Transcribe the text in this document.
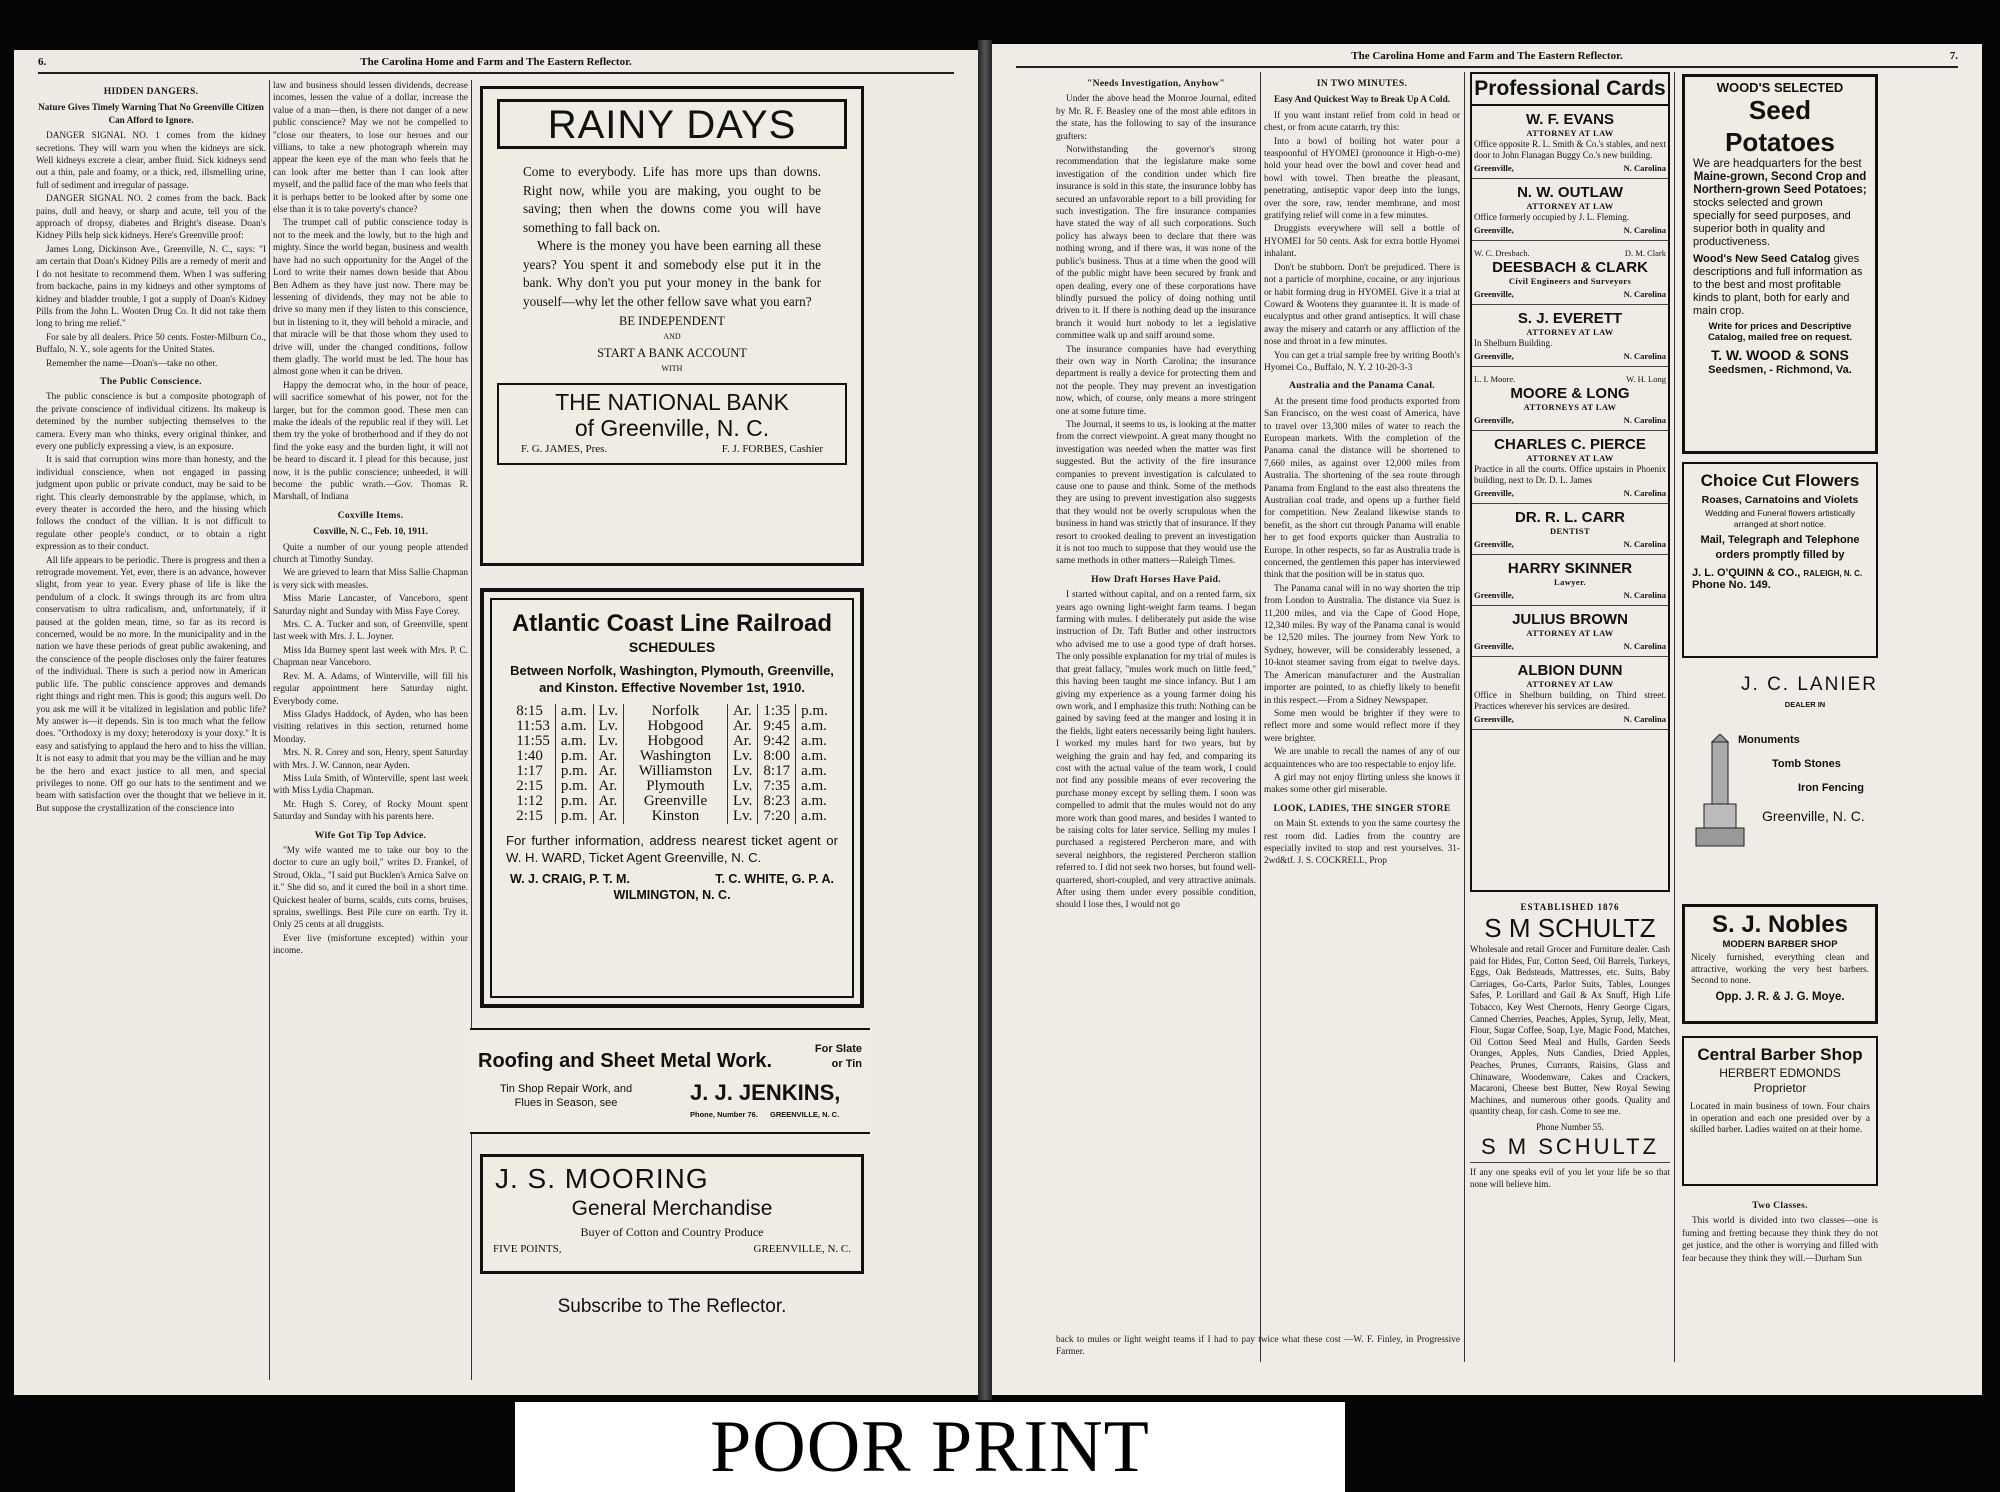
6.	The Carolina Home and Farm and The Eastern Reflector.
HIDDEN DANGERS.
Nature Gives Timely Warning That No Greenville Citizen Can Afford to Ignore.

DANGER SIGNAL NO. 1 comes from the kidney secretions. They will warn you when the kidneys are sick. Well kidneys excrete a clear, amber fluid. Sick kidneys send out a thin, pale and foamy, or a thick, red, illsmelling urine, full of sediment and irregular of passage.

DANGER SIGNAL NO. 2 comes from the back. Back pains, dull and heavy, or sharp and acute, tell you of the approach of dropsy, diabetes and Bright's disease. Doan's Kidney Pills help sick kidneys. Here's Greenville proof:

James Long, Dickinson Ave., Greenville, N. C., says: "I am certain that Doan's Kidney Pills are a remedy of merit and I do not hesitate to recommend them. When I was suffering from backache, pains in my kidneys and other symptoms of kidney and bladder trouble, I got a supply of Doan's Kidney Pills from the John L. Wooten Drug Co. It did not take them long to bring me relief."

For sale by all dealers. Price 50 cents. Foster-Milburn Co., Buffalo, N. Y., sole agents for the United States.

Remember the name—Doan's—take no other.

The Public Conscience.

The public conscience is but a composite photograph of the private conscience of individual citizens. Its makeup is detemined by the number subjecting themselves to the camera. Every man who thinks, every original thinker, and every one publicly expressing a view, is an exposure.

It is said that corruption wins more than honesty, and the individual conscience, when not engaged in passing judgment upon public or private conduct, may be said to be right. This clearly demonstrable by the applause, which, in every theater is accorded the hero, and the hissing which follows the conduct of the villian. It is not difficult to regulate other people's conduct, or to obtain a right expression as to their conduct.

All life appears to be periodic. There is progress and then a retrograde movement. Yet, ever, there is an advance, however slight, from year to year. Every phase of life is like the pendulum of a clock. It swings through its arc from ultra conservatism to ultra radicalism, and, unfortunately, if it paused at the golden mean, time, so far as its record is concerned, would be no more. In the municipality and in the nation we have these periods of great public awakening, and the conscience of the people discloses only the fairer features of the individual. There is such a period now in American public life. The public conscience approves and demands right things and right men. This is good; this augurs well. Do you ask me will it be vitalized in legislation and public life? My answer is—it depends. Sin is too much what the fellow does. "Orthodoxy is my doxy; heterodoxy is your doxy." It is easy and satisfying to applaud the hero and to hiss the villian. It is not easy to admit that you may be the villian and he may be the hero and exact justice to all men, and special privileges to none. Off go our hats to the sentiment and we beam with satisfaction over the thought that we believe in it. But suppose the crystallization of the conscience into

law and business should lessen dividends, decrease incomes, lessen the value of a dollar, increase the value of a man—then, is there not danger of a new public conscience? May we not be compelled to "close our theaters, to lose our heroes and our villians, to take a new photograph wherein may appear the keen eye of the man who feels that he can look after me better than I can look after myself, and the pallid face of the man who feels that it is perhaps better to be looked after by some one else than it is to take poverty's chance?

The trumpet call of public conscience today is not to the meek and the lowly, but to the high and mighty. Since the world began, business and wealth have had no such opportunity for the Angel of the Lord to write their names down beside that Abou Ben Adhem as they have just now. There may be lessening of dividends, they may not be able to drive so many men if they listen to this conscience, but in listening to it, they will behold a miracle, and that miracle will be that those whom they used to drive will, under the changed conditions, follow them gladly. The world must be led. The hour has almost gone when it can be driven.

Happy the democrat who, in the hour of peace, will sacrifice somewhat of his power, not for the larger, but for the common good. These men can make the ideals of the republic real if they will. Let them try the yoke of brotherhood and if they do not find the yoke easy and the burden light, it will not be heard to discard it. I plead for this because, just now, it is the public conscience; unheeded, it will become the public wrath.—Gov. Thomas R. Marshall, of Indiana

Coxville Items.
Coxville, N. C., Feb. 10, 1911.

Quite a number of our young people attended church at Timothy Sunday.

We are grieved to learn that Miss Sallie Chapman is very sick with measles.

Miss Marie Lancaster, of Vanceboro, spent Saturday night and Sunday with Miss Faye Corey.

Mrs. C. A. Tucker and son, of Greenville, spent last week with Mrs. J. L. Joyner.

Miss Ida Burney spent last week with Mrs. P. C. Chapman near Vanceboro.

Rev. M. A. Adams, of Winterville, will fill his regular appointment here Saturday night. Everybody come.

Miss Gladys Haddock, of Ayden, who has been visiting relatives in this section, returned home Monday.

Mrs. N. R. Corey and son, Henry, spent Saturday with Mrs. J. W. Cannon, near Ayden.

Miss Lula Smith, of Winterville, spent last week with Miss Lydia Chapman.

Mr. Hugh S. Corey, of Rocky Mount spent Saturday and Sunday with his parents here.

Wife Got Tip Top Advice.

"My wife wanted me to take our boy to the doctor to cure an ugly boil," writes D. Frankel, of Stroud, Okla., "I said put Bucklen's Arnica Salve on it." She did so, and it cured the boil in a short time. Quickest healer of burns, scalds, cuts corns, bruises, sprains, swellings. Best Pile cure on earth. Try it. Only 25 cents at all druggists.

Ever live (misfortune excepted) within your income.

RAINY DAYS

Come to everybody. Life has more ups than downs. Right now, while you are making, you ought to be saving; then when the downs come you will have something to fall back on.

Where is the money you have been earning all these years? You spent it and somebody else put it in the bank. Why don't you put your money in the bank for youself—why let the other fellow save what you earn?

BE INDEPENDENT
AND
START A BANK ACCOUNT
WITH
THE NATIONAL BANK
of Greenville, N. C.
F. G. JAMES, Pres.	F. J. FORBES, Cashier
Atlantic Coast Line Railroad
SCHEDULES
Between Norfolk, Washington, Plymouth, Greenville, and Kinston. Effective November 1st, 1910.
8:15	a.m.	Lv.	Norfolk	Ar.	1:35	p.m.
11:53	a.m.	Lv.	Hobgood	Ar.	9:45	a.m.
11:55	a.m.	Lv.	Hobgood	Ar.	9:42	a.m.
1:40	p.m.	Ar.	Washington	Lv.	8:00	a.m.
1:17	p.m.	Ar.	Williamston	Lv.	8:17	a.m.
2:15	p.m.	Ar.	Plymouth	Lv.	7:35	a.m.
1:12	p.m.	Ar.	Greenville	Lv.	8:23	a.m.
2:15	p.m.	Ar.	Kinston	Lv.	7:20	a.m.
For further information, address nearest ticket agent or W. H. WARD, Ticket Agent Greenville, N. C.
W. J. CRAIG, P. T. M.	T. C. WHITE, G. P. A.
WILMINGTON, N. C.
Roofing and Sheet Metal Work.
For Slate
or Tin
Tin Shop Repair Work, and
Flues in Season, see	J. J. JENKINS,
Phone, Number 76. GREENVILLE, N. C.
J. S. MOORING
General Merchandise
Buyer of Cotton and Country Produce
FIVE POINTS,	GREENVILLE, N. C.
Subscribe to The Reflector.
The Carolina Home and Farm and The Eastern Reflector.	7.
"Needs Investigation, Anyhow"

Under the above head the Monroe Journal, edited by Mr. R. F. Beasley one of the most able editors in the state, has the following to say of the insurance grafters:

Notwithstanding the governor's strong recommendation that the legislature make some investigation of the condition under which fire insurance is sold in this state, the insurance lobby has secured an unfavorable report to a bill providing for such investigation. The fire insurance companies have stated the way of all such corporations. Such policy has always been to declare that there was nothing wrong, and if there was, it was none of the public's business. Thus at a time when the good will of the public might have been secured by frank and open dealing, every one of these corporations have blindly pursued the policy of doing nothing until driven to it. If there is nothing dead up the insurance branch it would hurt nobody to let a legislative committee walk up and sniff around some.

The insurance companies have had everything their own way in North Carolina; the insurance department is really a device for protecting them and not the people. They may prevent an investigation now, which, of course, only means a more stringent one at some future time.

The Journal, it seems to us, is looking at the matter from the correct viewpoint. A great many thought no investigation was needed when the matter was first suggested. But the activity of the fire insurance companies to prevent investigation is calculated to cause one to pause and think. Some of the methods they are using to prevent investigation also suggests that they would not be overly scrupulous when the business in hand was strictly that of insurance. If they resort to crooked dealing to prevent an investigation it is not too much to suppose that they would use the same methods in other matters—Raleigh Times.

How Draft Horses Have Paid.

I started without capital, and on a rented farm, six years ago owning light-weight farm teams. I began farming with mules. I deliberately put aside the wise instruction of Dr. Taft Butler and other instructors who advised me to use a good type of draft horses. The only possible explanation for my trial of mules is that great fallacy, "mules work much on little feed," this having been taught me since infancy. But I am giving my experience as a young farmer doing his own work, and I emphasize this truth: Nothing can be gained by saving feed at the manger and losing it in the fields, light eaters necessarily being light haulers. I worked my mules hard for two years, but by weighing the grain and hay fed, and comparing its cost with the actual value of the team work, I could not find any possible means of ever recovering the purchase money except by selling them. I soon was compelled to admit that the mules would not do any more work than good mares, and besides I wanted to be raising colts for later service. Selling my mules I purchased a registered Percheron mare, and with several neighbors, the registered Percheron stallion referred to. I did not seek two horses, but found well-quartered, short-coupled, and very attractive animals. After using them under every possible condition, should I lose thes, I would not go

IN TWO MINUTES.
Easy And Quickest Way to Break Up A Cold.

If you want instant relief from cold in head or chest, or from acute catarrh, try this:

Into a bowl of boiling hot water pour a teaspoonful of HYOMEI (pronounce it High-o-me) hold your head over the bowl and cover head and bowl with towel. Then breathe the pleasant, penetrating, antiseptic vapor deep into the lungs, over the sore, raw, tender membrane, and most gratifying relief will come in a few minutes.

Druggists everywhere will sell a bottle of HYOMEI for 50 cents. Ask for extra bottle Hyomei inhalant.

Don't be stubborn. Don't be prejudiced. There is not a particle of morphine, cocaine, or any injurious or habit forming drug in HYOMEI. Give it a trial at Coward & Wootens they guarantee it. It is made of eucalyptus and other grand antiseptics. It will chase away the misery and catarrh or any affliction of the nose and throat in a few minutes.

You can get a trial sample free by writing Booth's Hyomei Co., Buffalo, N. Y. 2 10-20-3-3

Australia and the Panama Canal.

At the present time food products exported from San Francisco, on the west coast of America, have to travel over 13,300 miles of water to reach the European markets. With the completion of the Panama canal the distance will be shortened to 7,660 miles, as against over 12,000 miles from Australia. The shortening of the sea route through Panama from England to the east also threatens the Australian coal trade, and opens up a further field for competition. New Zealand likewise stands to benefit, as the short cut through Panama will enable her to get food exports quicker than Australia to Europe. In other respects, so far as Australia trade is concerned, the gentlemen this paper has interviewed think that the position will be in status quo.

The Panama canal will in no way shorten the trip from London to Australia. The distance via Suez is 11,200 miles, and via the Cape of Good Hope, 12,340 miles. By way of the Panama canal is would be 12,520 miles. The journey from New York to Sydney, however, will be considerably lessened, a 10-knot steamer saving from eigat to twelve days. The American manufacturer and the Australian importer are pointed, to as chiefly likely to benefit in this respect.—From a Sidney Newspaper.

Some men would be brighter if they were to reflect more and some would reflect more if they were brighter.

We are unable to recall the names of any of our acquaintences who are too respectable to enjoy life.

A girl may not enjoy flirting unless she knows it makes some other girl miserable.

LOOK, LADIES, THE SINGER STORE

on Main St. extends to you the same courtesy the rest room did. Ladies from the country are especially invited to stop and rest yourselves. 31-2wd&tf. J. S. COCKRELL, Prop

back to mules or light weight teams if I had to pay twice what these cost —W. F. Finley, in Progressive Farmer.

Professional Cards
W. F. EVANS
ATTORNEY AT LAW
Office opposite R. L. Smith & Co.'s stables, and next door to John Flanagan Buggy Co.'s new building.
Greenville,	N. Carolina
N. W. OUTLAW
ATTORNEY AT LAW
Office formerly occupied by J. L. Fleming.
Greenville,	N. Carolina
W. C. Dresbach.	D. M. Clark
DEESBACH & CLARK
Civil Engineers and Surveyors
Greenville,	N. Carolina
S. J. EVERETT
ATTORNEY AT LAW
In Shelburn Building.
Greenville,	N. Carolina
L. I. Moore.	W. H. Long
MOORE & LONG
ATTORNEYS AT LAW
Greenville,	N. Carolina
CHARLES C. PIERCE
ATTORNEY AT LAW
Practice in all the courts. Office upstairs in Phoenix building, next to Dr. D. L. James
Greenville,	N. Carolina
DR. R. L. CARR
DENTIST
Greenville,	N. Carolina
HARRY SKINNER
Lawyer.
Greenville,	N. Carolina
JULIUS BROWN
ATTORNEY AT LAW
Greenville,	N. Carolina
ALBION DUNN
ATTORNEY AT LAW
Office in Shelburn building, on Third street. Practices wherever his services are desired.
Greenville,	N. Carolina
ESTABLISHED 1876
S M SCHULTZ
Wholesale and retail Grocer and Furniture dealer. Cash paid for Hides, Fur, Cotton Seed, Oil Barrels, Turkeys, Eggs, Oak Bedsteads, Mattresses, etc. Suits, Baby Carriages, Go-Carts, Parlor Suits, Tables, Lounges Safes, P. Lorillard and Gail & Ax Snuff, High Life Tobacco, Key West Cheroots, Henry George Cigars, Canned Cherries, Peaches, Apples, Syrup, Jelly, Meat, Flour, Sugar Coffee, Soap, Lye, Magic Food, Matches, Oil Cotton Seed Meal and Hulls, Garden Seeds Oranges, Apples, Nuts Candies, Dried Apples, Peaches, Prunes, Currants, Raisins, Glass and Chinaware, Woodenware, Cakes and Crackers, Macaroni, Cheese best Butter, New Royal Sewing Machines, and numerous other goods. Quality and quantity cheap, for cash. Come to see me.
Phone Number 55.
S M SCHULTZ
If any one speaks evil of you let your life be so that none will believe him.
WOOD'S SELECTED
Seed Potatoes
We are headquarters for the best
Maine-grown, Second Crop and Northern-grown Seed Potatoes;
stocks selected and grown specially for seed purposes, and superior both in quality and productiveness.
Wood's New Seed Catalog gives descriptions and full information as to the best and most profitable kinds to plant, both for early and main crop.
Write for prices and Descriptive Catalog, mailed free on request.
T. W. WOOD & SONS
Seedsmen, - Richmond, Va.
Choice Cut Flowers
Roases, Carnatoins and Violets
Wedding and Funeral flowers artistically arranged at short notice.
Mail, Telegraph and Telephone orders promptly filled by
J. L. O'QUINN & CO., RALEIGH, N. C.
Phone No. 149.
J. C. LANIER
DEALER IN
Monuments
Tomb Stones
Iron Fencing
Greenville, N. C.
S. J. Nobles
MODERN BARBER SHOP
Nicely furnished, everything clean and attractive, working the very best barbers. Second to none.
Opp. J. R. & J. G. Moye.
Central Barber Shop
HERBERT EDMONDS
Proprietor
Located in main business of town. Four chairs in operation and each one presided over by a skilled barber. Ladies waited on at their home.
Two Classes.

This world is divided into two classes—one is fuming and fretting because they think they do not get justice, and the other is worrying and filled with fear because they think they will.—Durham Sun

POOR PRINT
